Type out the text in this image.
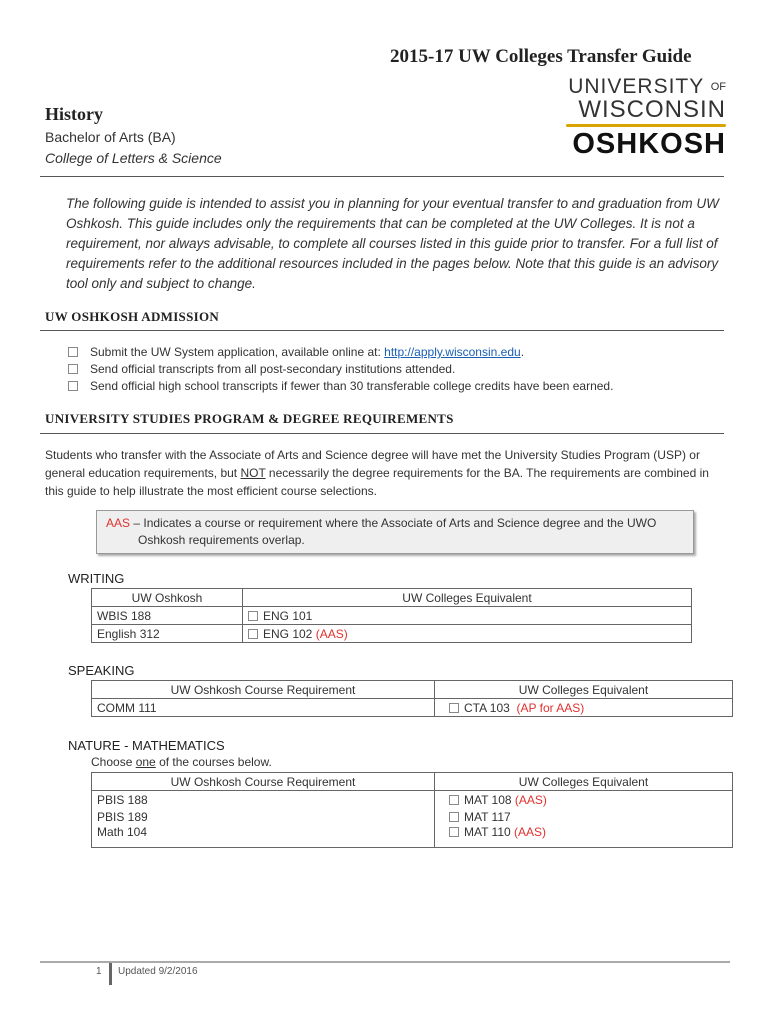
2015-17 UW Colleges Transfer Guide
UNIVERSITY $^{OF}$
WISCONSIN
OSHKOSH
History
Bachelor of Arts (BA)
College of Letters & Science
The following guide is intended to assist you in planning for your eventual transfer to and graduation from UW Oshkosh. This guide includes only the requirements that can be completed at the UW Colleges. It is not a requirement, nor always advisable, to complete all courses listed in this guide prior to transfer. For a full list of requirements refer to the additional resources included in the pages below. Note that this guide is an advisory tool only and subject to change.
UW OSHKOSH ADMISSION
Submit the UW System application, available online at: http://apply.wisconsin.edu.
Send official transcripts from all post-secondary institutions attended.
Send official high school transcripts if fewer than 30 transferable college credits have been earned.
UNIVERSITY STUDIES PROGRAM & DEGREE REQUIREMENTS
Students who transfer with the Associate of Arts and Science degree will have met the University Studies Program (USP) or general education requirements, but NOT necessarily the degree requirements for the BA. The requirements are combined in this guide to help illustrate the most efficient course selections.
AAS – Indicates a course or requirement where the Associate of Arts and Science degree and the UWO
Oshkosh requirements overlap.
WRITING
UW Oshkosh	UW Colleges Equivalent
WBIS 188	ENG 101
English 312	ENG 102 (AAS)
SPEAKING
UW Oshkosh Course Requirement	UW Colleges Equivalent
COMM 111	CTA 103 (AP for AAS)
NATURE - MATHEMATICS
Choose one of the courses below.
UW Oshkosh Course Requirement	UW Colleges Equivalent
PBIS 188	MAT 108 (AAS)
PBIS 189	MAT 117
Math 104	MAT 110 (AAS)
1 Updated 9/2/2016
